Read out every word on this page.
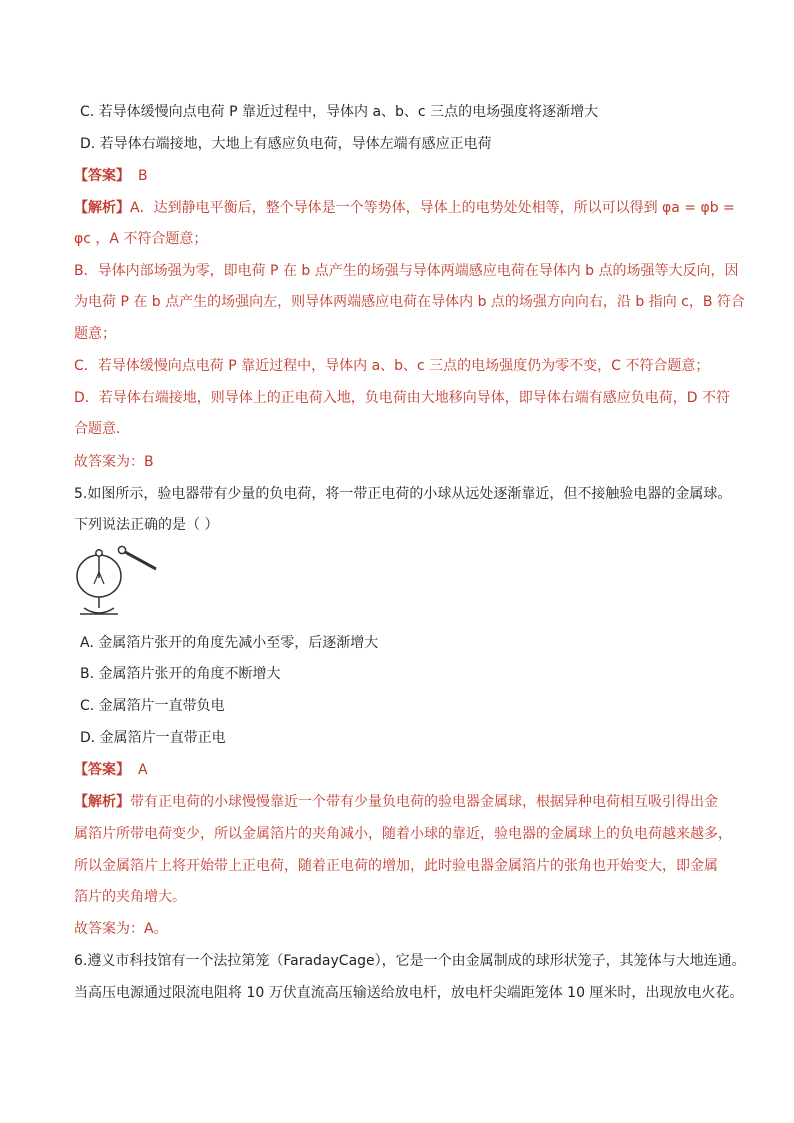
C. 若导体缓慢向点电荷 P 靠近过程中，导体内 a、b、c 三点的电场强度将逐渐增大
D. 若导体右端接地，大地上有感应负电荷，导体左端有感应正电荷
【答案】 B
【解析】A．达到静电平衡后，整个导体是一个等势体，导体上的电势处处相等，所以可以得到 φa = φb =
φc ，A 不符合题意；
B．导体内部场强为零，即电荷 P 在 b 点产生的场强与导体两端感应电荷在导体内 b 点的场强等大反向，因
为电荷 P 在 b 点产生的场强向左，则导体两端感应电荷在导体内 b 点的场强方向向右，沿 b 指向 c，B 符合
题意；
C．若导体缓慢向点电荷 P 靠近过程中，导体内 a、b、c 三点的电场强度仍为零不变，C 不符合题意；
D．若导体右端接地，则导体上的正电荷入地，负电荷由大地移向导体，即导体右端有感应负电荷，D 不符
合题意．
故答案为：B
5.如图所示，验电器带有少量的负电荷，将一带正电荷的小球从远处逐渐靠近，但不接触验电器的金属球。
下列说法正确的是（ ）
A. 金属箔片张开的角度先减小至零，后逐渐增大
B. 金属箔片张开的角度不断增大
C. 金属箔片一直带负电
D. 金属箔片一直带正电
【答案】 A
【解析】带有正电荷的小球慢慢靠近一个带有少量负电荷的验电器金属球，根据异种电荷相互吸引得出金
属箔片所带电荷变少，所以金属箔片的夹角减小，随着小球的靠近，验电器的金属球上的负电荷越来越多，
所以金属箔片上将开始带上正电荷，随着正电荷的增加，此时验电器金属箔片的张角也开始变大，即金属
箔片的夹角增大。
故答案为：A。
6.遵义市科技馆有一个法拉第笼（FaradayCage），它是一个由金属制成的球形状笼子，其笼体与大地连通。
当高压电源通过限流电阻将 10 万伏直流高压输送给放电杆，放电杆尖端距笼体 10 厘米时，出现放电火花。
